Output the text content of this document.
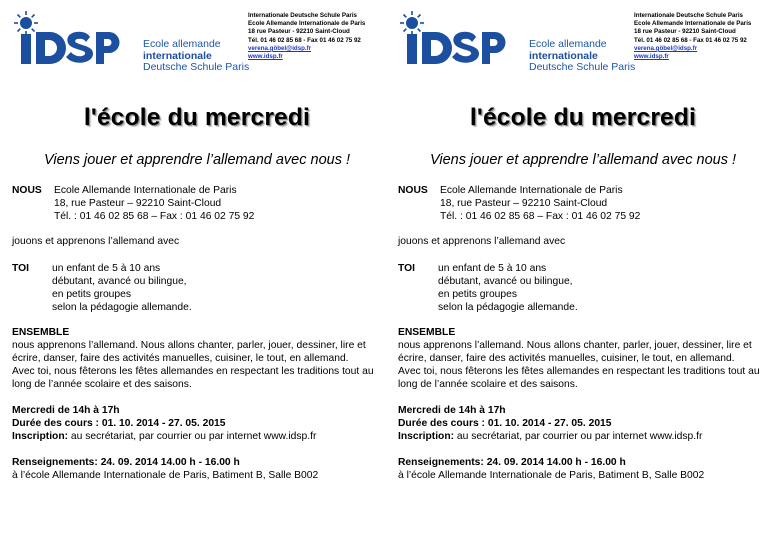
Ecole allemande
internationale
Deutsche Schule Paris
Internationale Deutsche Schule Paris
Ecole Allemande Internationale de Paris
18 rue Pasteur - 92210 Saint-Cloud
Tél. 01 46 02 85 68 - Fax 01 46 02 75 92
verena.göbel@idsp.fr
www.idsp.fr
l'école du mercredi
Viens jouer et apprendre l’allemand avec nous !
NOUS	Ecole Allemande Internationale de Paris

18, rue Pasteur – 92210 Saint-Cloud

Tél. : 01 46 02 85 68 – Fax : 01 46 02 75 92

jouons et apprenons l’allemand avec

TOI	un enfant de 5 à 10 ans

débutant, avancé ou bilingue,

en petits groupes

selon la pédagogie allemande.

ENSEMBLE

nous apprenons l’allemand. Nous allons chanter, parler, jouer, dessiner, lire et

écrire, danser, faire des activités manuelles, cuisiner, le tout, en allemand.

Avec toi, nous fêterons les fêtes allemandes en respectant les traditions tout au

long de l’année scolaire et des saisons.

Mercredi de 14h à 17h

Durée des cours : 01. 10. 2014 - 27. 05. 2015

Inscription: au secrétariat, par courrier ou par internet www.idsp.fr

Renseignements: 24. 09. 2014 14.00 h - 16.00 h

à l’école Allemande Internationale de Paris, Batiment B, Salle B002

Ecole allemande
internationale
Deutsche Schule Paris
Internationale Deutsche Schule Paris
Ecole Allemande Internationale de Paris
18 rue Pasteur - 92210 Saint-Cloud
Tél. 01 46 02 85 68 - Fax 01 46 02 75 92
verena.göbel@idsp.fr
www.idsp.fr
l'école du mercredi
Viens jouer et apprendre l’allemand avec nous !
NOUS	Ecole Allemande Internationale de Paris

18, rue Pasteur – 92210 Saint-Cloud

Tél. : 01 46 02 85 68 – Fax : 01 46 02 75 92

jouons et apprenons l’allemand avec

TOI	un enfant de 5 à 10 ans

débutant, avancé ou bilingue,

en petits groupes

selon la pédagogie allemande.

ENSEMBLE

nous apprenons l’allemand. Nous allons chanter, parler, jouer, dessiner, lire et

écrire, danser, faire des activités manuelles, cuisiner, le tout, en allemand.

Avec toi, nous fêterons les fêtes allemandes en respectant les traditions tout au

long de l’année scolaire et des saisons.

Mercredi de 14h à 17h

Durée des cours : 01. 10. 2014 - 27. 05. 2015

Inscription: au secrétariat, par courrier ou par internet www.idsp.fr

Renseignements: 24. 09. 2014 14.00 h - 16.00 h

à l’école Allemande Internationale de Paris, Batiment B, Salle B002
